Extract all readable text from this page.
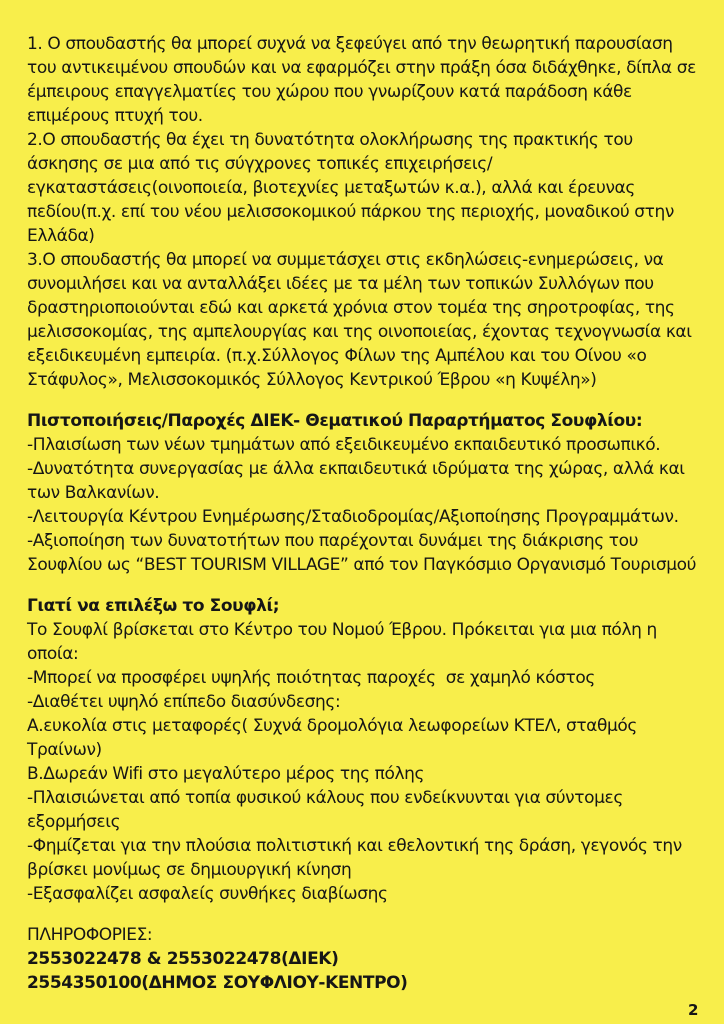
1. Ο σπουδαστής θα μπορεί συχνά να ξεφεύγει από την θεωρητική παρουσίαση του αντικειμένου σπουδών και να εφαρμόζει στην πράξη όσα διδάχθηκε, δίπλα σε έμπειρους επαγγελματίες του χώρου που γνωρίζουν κατά παράδοση κάθε επιμέρους πτυχή του.

2.Ο σπουδαστής θα έχει τη δυνατότητα ολοκλήρωσης της πρακτικής του άσκησης σε μια από τις σύγχρονες τοπικές επιχειρήσεις/εγκαταστάσεις(οινοποιεία, βιοτεχνίες μεταξωτών κ.α.), αλλά και έρευνας πεδίου(π.χ. επί του νέου μελισσοκομικού πάρκου της περιοχής, μοναδικού στην Ελλάδα)

3.Ο σπουδαστής θα μπορεί να συμμετάσχει στις εκδηλώσεις-ενημερώσεις, να συνομιλήσει και να ανταλλάξει ιδέες με τα μέλη των τοπικών Συλλόγων που δραστηριοποιούνται εδώ και αρκετά χρόνια στον τομέα της σηροτροφίας, της μελισσοκομίας, της αμπελουργίας και της οινοποιείας, έχοντας τεχνογνωσία και εξειδικευμένη εμπειρία. (π.χ.Σύλλογος Φίλων της Αμπέλου και του Οίνου «ο Στάφυλος», Μελισσοκομικός Σύλλογος Κεντρικού Έβρου «η Κυψέλη»)

Πιστοποιήσεις/Παροχές ΔΙΕΚ- Θεματικού Παραρτήματος Σουφλίου:

-Πλαισίωση των νέων τμημάτων από εξειδικευμένο εκπαιδευτικό προσωπικό.

-Δυνατότητα συνεργασίας με άλλα εκπαιδευτικά ιδρύματα της χώρας, αλλά και των Βαλκανίων.

-Λειτουργία Κέντρου Ενημέρωσης/Σταδιοδρομίας/Αξιοποίησης Προγραμμάτων.

-Αξιοποίηση των δυνατοτήτων που παρέχονται δυνάμει της διάκρισης του Σουφλίου ως “BEST TOURISM VILLAGE” από τον Παγκόσμιο Οργανισμό Τουρισμού

Γιατί να επιλέξω το Σουφλί;

Το Σουφλί βρίσκεται στο Κέντρο του Νομού Έβρου. Πρόκειται για μια πόλη η οποία:

-Μπορεί να προσφέρει υψηλής ποιότητας παροχές  σε χαμηλό κόστος

-Διαθέτει υψηλό επίπεδο διασύνδεσης:

Α.ευκολία στις μεταφορές( Συχνά δρομολόγια λεωφορείων ΚΤΕΛ, σταθμός Τραίνων)

Β.Δωρεάν Wifi στο μεγαλύτερο μέρος της πόλης

-Πλαισιώνεται από τοπία φυσικού κάλους που ενδείκνυνται για σύντομες εξορμήσεις

-Φημίζεται για την πλούσια πολιτιστική και εθελοντική της δράση, γεγονός την βρίσκει μονίμως σε δημιουργική κίνηση

-Εξασφαλίζει ασφαλείς συνθήκες διαβίωσης

ΠΛΗΡΟΦΟΡΙΕΣ:

2553022478 & 2553022478(ΔΙΕΚ)

2554350100(ΔΗΜΟΣ ΣΟΥΦΛΙΟΥ-ΚΕΝΤΡΟ)

2
